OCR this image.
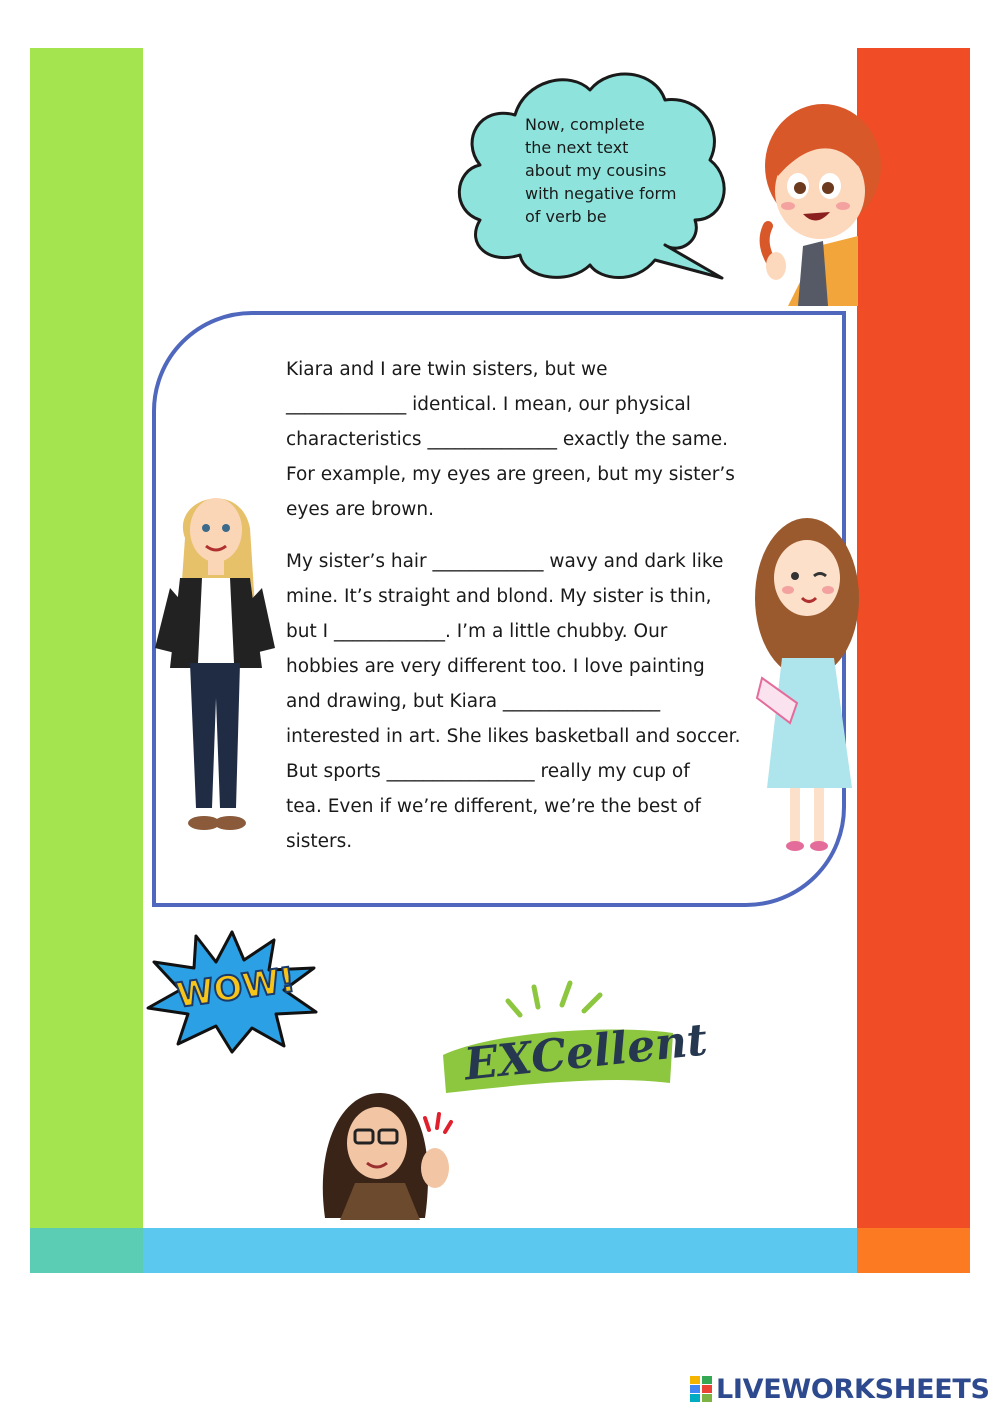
Now, complete
the next text
about my cousins
with negative form
of verb be

Kiara and I are twin sisters, but we
_____________ identical. I mean, our physical
characteristics ______________ exactly the same.
For example, my eyes are green, but my sister’s
eyes are brown.

My sister’s hair ____________ wavy and dark like
mine. It’s straight and blond. My sister is thin,
but I ____________. I’m a little chubby. Our
hobbies are very different too. I love painting
and drawing, but Kiara _________________
interested in art. She likes basketball and soccer.
But sports ________________ really my cup of
tea. Even if we’re different, we’re the best of
sisters.

WOW!
EXCellent
LIVEWORKSHEETS
